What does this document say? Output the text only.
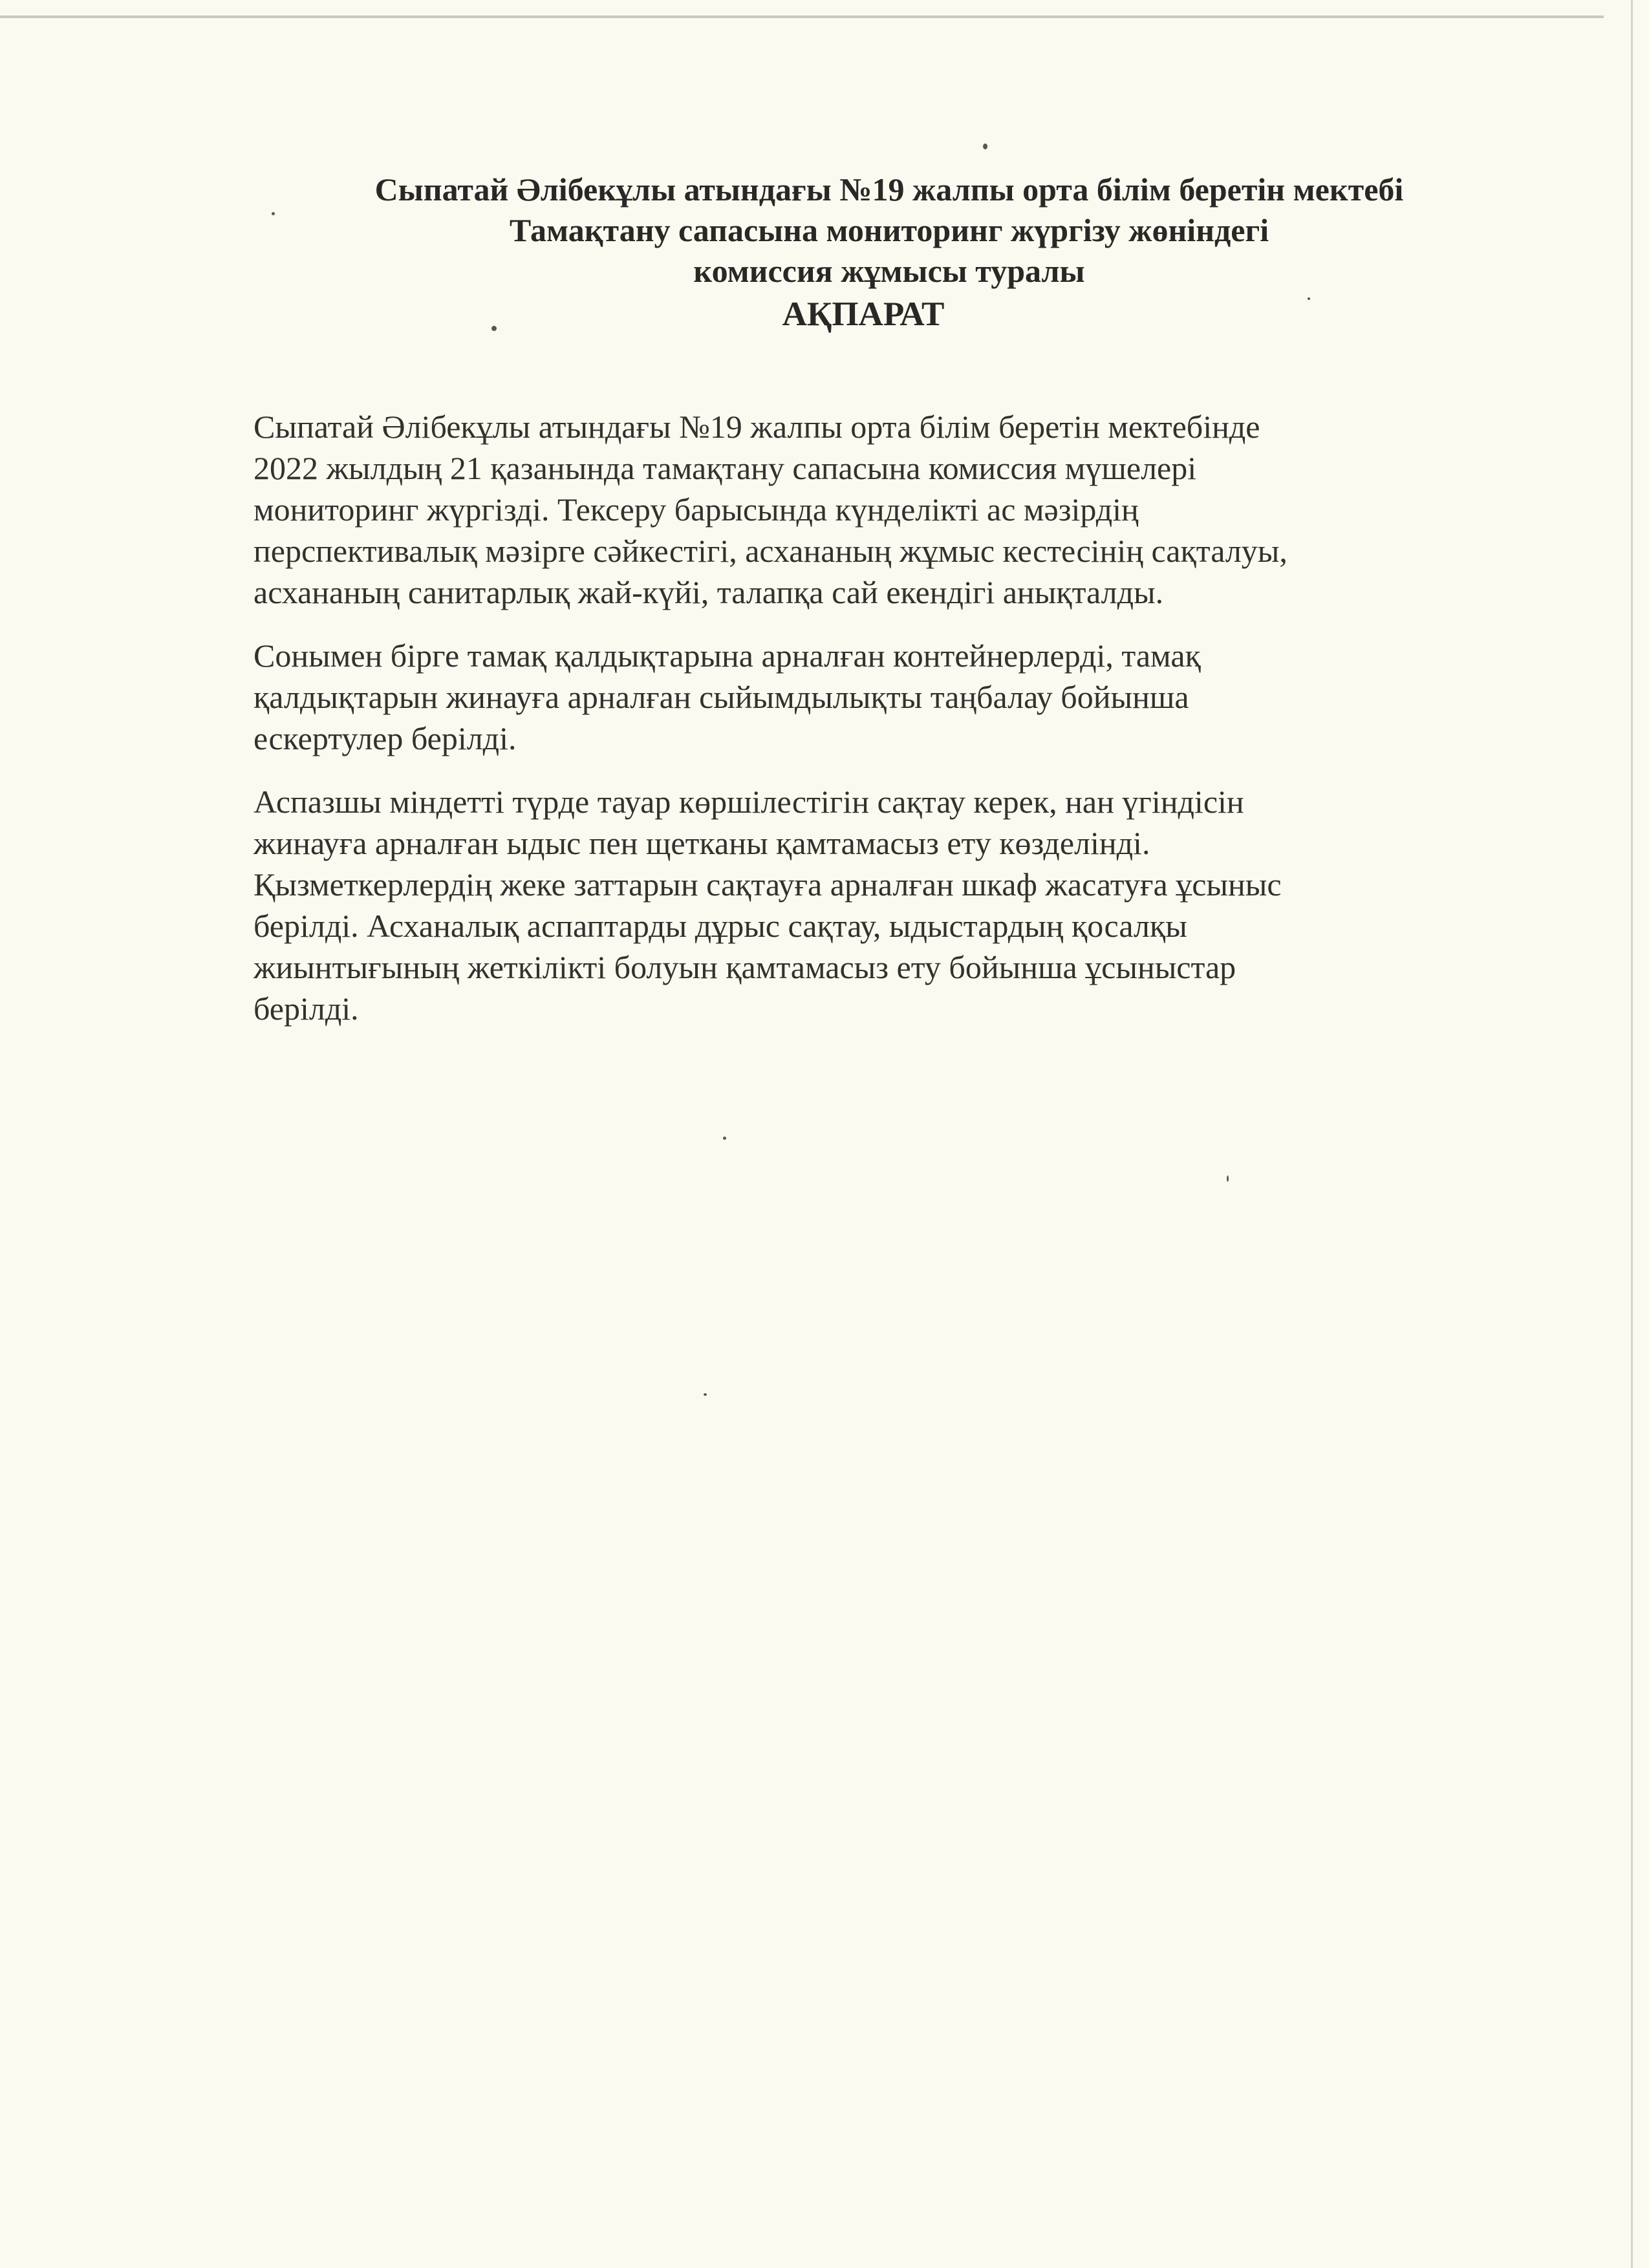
Сыпатай Әлібекұлы атындағы №19 жалпы орта білім беретін мектебі
Тамақтану сапасына мониторинг жүргізу жөніндегі
комиссия жұмысы туралы
АҚПАРАТ

Сыпатай Әлібекұлы атындағы №19 жалпы орта білім беретін мектебінде
2022 жылдың 21 қазанында тамақтану сапасына комиссия мүшелері
мониторинг жүргізді. Тексеру барысында күнделікті ас мәзірдің
перспективалық мәзірге сәйкестігі, асхананың жұмыс кестесінің сақталуы,
асхананың санитарлық жай-күйі, талапқа сай екендігі анықталды.

Сонымен бірге тамақ қалдықтарына арналған контейнерлерді, тамақ
қалдықтарын жинауға арналған сыйымдылықты таңбалау бойынша
ескертулер берілді.

Аспазшы міндетті түрде тауар көршілестігін сақтау керек, нан үгіндісін
жинауға арналған ыдыс пен щетканы қамтамасыз ету көзделінді.
Қызметкерлердің жеке заттарын сақтауға арналған шкаф жасатуға ұсыныс
берілді. Асханалық аспаптарды дұрыс сақтау, ыдыстардың қосалқы
жиынтығының жеткілікті болуын қамтамасыз ету бойынша ұсыныстар
берілді.
